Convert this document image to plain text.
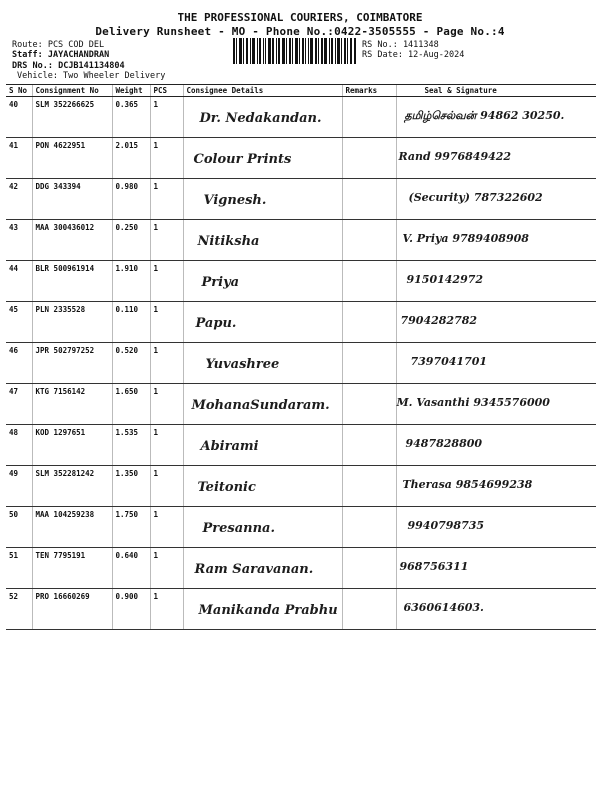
THE PROFESSIONAL COURIERS, COIMBATORE
Delivery Runsheet - MO - Phone No.:0422-3505555 - Page No.:4
Route: PCS COD DEL
Staff: JAYACHANDRAN
DRS No.: DCJB141134804
Vehicle: Two Wheeler Delivery
RS No.: 1411348
RS Date: 12-Aug-2024
S No	Consignment No	Weight	PCS	Consignee Details	Remarks	Seal & Signature
40	SLM 352266625	0.365	1	Dr. Nedakandan.		தமிழ்செல்வன் 94862 30250.

41	PON 4622951	2.015	1	Colour Prints		Rand 9976849422

42	DDG 343394	0.980	1	Vignesh.		(Security) 787322602

43	MAA 300436012	0.250	1	Nitiksha		V. Priya 9789408908

44	BLR 500961914	1.910	1	Priya		9150142972

45	PLN 2335528	0.110	1	Papu.		7904282782

46	JPR 502797252	0.520	1	Yuvashree		7397041701

47	KTG 7156142	1.650	1	MohanaSundaram.		M. Vasanthi 9345576000

48	KOD 1297651	1.535	1	Abirami		9487828800

49	SLM 352281242	1.350	1	Teitonic		Therasa 9854699238

50	MAA 104259238	1.750	1	Presanna.		9940798735

51	TEN 7795191	0.640	1	Ram Saravanan.		968756311

52	PRO 16660269	0.900	1	Manikanda Prabhu		6360614603.
